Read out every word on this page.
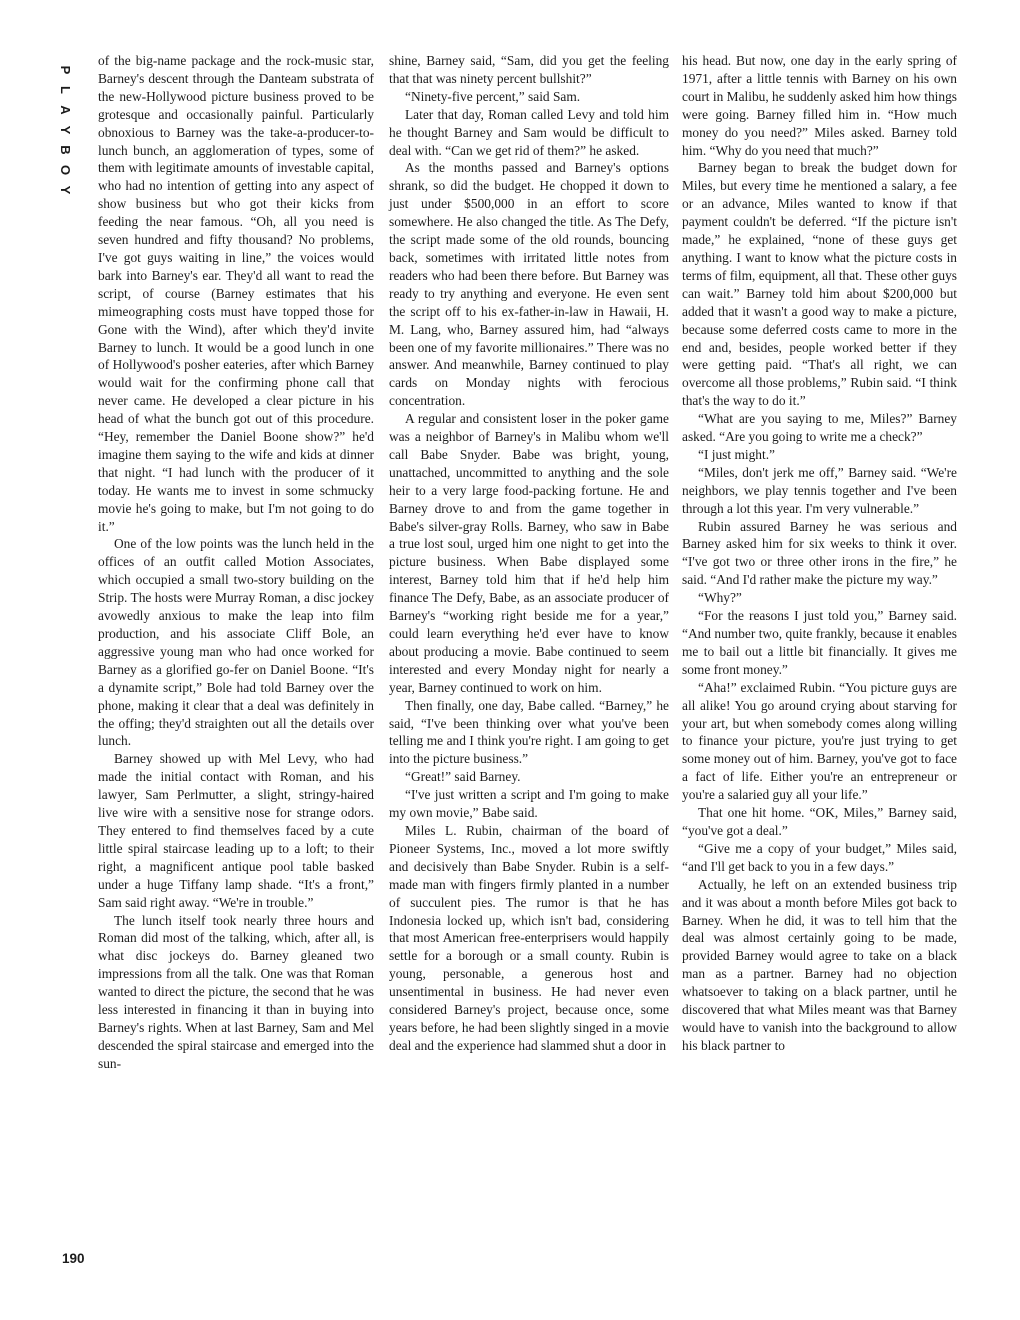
P
L
A
Y
B
O
Y

of the big-name package and the rock-music star, Barney's descent through the Danteam substrata of the new-Hollywood picture business proved to be grotesque and occasionally painful. Particularly obnoxious to Barney was the take-a-producer-to-lunch bunch, an agglomeration of types, some of them with legitimate amounts of investable capital, who had no intention of getting into any aspect of show business but who got their kicks from feeding the near famous. “Oh, all you need is seven hundred and fifty thousand? No problems, I've got guys waiting in line,” the voices would bark into Barney's ear. They'd all want to read the script, of course (Barney estimates that his mimeographing costs must have topped those for Gone with the Wind), after which they'd invite Barney to lunch. It would be a good lunch in one of Hollywood's posher eateries, after which Barney would wait for the confirming phone call that never came. He developed a clear picture in his head of what the bunch got out of this procedure. “Hey, remember the Daniel Boone show?” he'd imagine them saying to the wife and kids at dinner that night. “I had lunch with the producer of it today. He wants me to invest in some schmucky movie he's going to make, but I'm not going to do it.”

One of the low points was the lunch held in the offices of an outfit called Motion Associates, which occupied a small two-story building on the Strip. The hosts were Murray Roman, a disc jockey avowedly anxious to make the leap into film production, and his associate Cliff Bole, an aggressive young man who had once worked for Barney as a glorified go-fer on Daniel Boone. “It's a dynamite script,” Bole had told Barney over the phone, making it clear that a deal was definitely in the offing; they'd straighten out all the details over lunch.

Barney showed up with Mel Levy, who had made the initial contact with Roman, and his lawyer, Sam Perlmutter, a slight, stringy-haired live wire with a sensitive nose for strange odors. They entered to find themselves faced by a cute little spiral staircase leading up to a loft; to their right, a magnificent antique pool table basked under a huge Tiffany lamp shade. “It's a front,” Sam said right away. “We're in trouble.”

The lunch itself took nearly three hours and Roman did most of the talking, which, after all, is what disc jockeys do. Barney gleaned two impressions from all the talk. One was that Roman wanted to direct the picture, the second that he was less interested in financing it than in buying into Barney's rights. When at last Barney, Sam and Mel descended the spiral staircase and emerged into the sun-

shine, Barney said, “Sam, did you get the feeling that that was ninety percent bullshit?”

“Ninety-five percent,” said Sam.

Later that day, Roman called Levy and told him he thought Barney and Sam would be difficult to deal with. “Can we get rid of them?” he asked.

As the months passed and Barney's options shrank, so did the budget. He chopped it down to just under $500,000 in an effort to score somewhere. He also changed the title. As The Defy, the script made some of the old rounds, bouncing back, sometimes with irritated little notes from readers who had been there before. But Barney was ready to try anything and everyone. He even sent the script off to his ex-father-in-law in Hawaii, H. M. Lang, who, Barney assured him, had “always been one of my favorite millionaires.” There was no answer. And meanwhile, Barney continued to play cards on Monday nights with ferocious concentration.

A regular and consistent loser in the poker game was a neighbor of Barney's in Malibu whom we'll call Babe Snyder. Babe was bright, young, unattached, uncommitted to anything and the sole heir to a very large food-packing fortune. He and Barney drove to and from the game together in Babe's silver-gray Rolls. Barney, who saw in Babe a true lost soul, urged him one night to get into the picture business. When Babe displayed some interest, Barney told him that if he'd help him finance The Defy, Babe, as an associate producer of Barney's “working right beside me for a year,” could learn everything he'd ever have to know about producing a movie. Babe continued to seem interested and every Monday night for nearly a year, Barney continued to work on him.

Then finally, one day, Babe called. “Barney,” he said, “I've been thinking over what you've been telling me and I think you're right. I am going to get into the picture business.”

“Great!” said Barney.

“I've just written a script and I'm going to make my own movie,” Babe said.

Miles L. Rubin, chairman of the board of Pioneer Systems, Inc., moved a lot more swiftly and decisively than Babe Snyder. Rubin is a self-made man with fingers firmly planted in a number of succulent pies. The rumor is that he has Indonesia locked up, which isn't bad, considering that most American free-enterprisers would happily settle for a borough or a small county. Rubin is young, personable, a generous host and unsentimental in business. He had never even considered Barney's project, because once, some years before, he had been slightly singed in a movie deal and the experience had slammed shut a door in

his head. But now, one day in the early spring of 1971, after a little tennis with Barney on his own court in Malibu, he suddenly asked him how things were going. Barney filled him in. “How much money do you need?” Miles asked. Barney told him. “Why do you need that much?”

Barney began to break the budget down for Miles, but every time he mentioned a salary, a fee or an advance, Miles wanted to know if that payment couldn't be deferred. “If the picture isn't made,” he explained, “none of these guys get anything. I want to know what the picture costs in terms of film, equipment, all that. These other guys can wait.” Barney told him about $200,000 but added that it wasn't a good way to make a picture, because some deferred costs came to more in the end and, besides, people worked better if they were getting paid. “That's all right, we can overcome all those problems,” Rubin said. “I think that's the way to do it.”

“What are you saying to me, Miles?” Barney asked. “Are you going to write me a check?”

“I just might.”

“Miles, don't jerk me off,” Barney said. “We're neighbors, we play tennis together and I've been through a lot this year. I'm very vulnerable.”

Rubin assured Barney he was serious and Barney asked him for six weeks to think it over. “I've got two or three other irons in the fire,” he said. “And I'd rather make the picture my way.”

“Why?”

“For the reasons I just told you,” Barney said. “And number two, quite frankly, because it enables me to bail out a little bit financially. It gives me some front money.”

“Aha!” exclaimed Rubin. “You picture guys are all alike! You go around crying about starving for your art, but when somebody comes along willing to finance your picture, you're just trying to get some money out of him. Barney, you've got to face a fact of life. Either you're an entrepreneur or you're a salaried guy all your life.”

That one hit home. “OK, Miles,” Barney said, “you've got a deal.”

“Give me a copy of your budget,” Miles said, “and I'll get back to you in a few days.”

Actually, he left on an extended business trip and it was about a month before Miles got back to Barney. When he did, it was to tell him that the deal was almost certainly going to be made, provided Barney would agree to take on a black man as a partner. Barney had no objection whatsoever to taking on a black partner, until he discovered that what Miles meant was that Barney would have to vanish into the background to allow his black partner to

190
